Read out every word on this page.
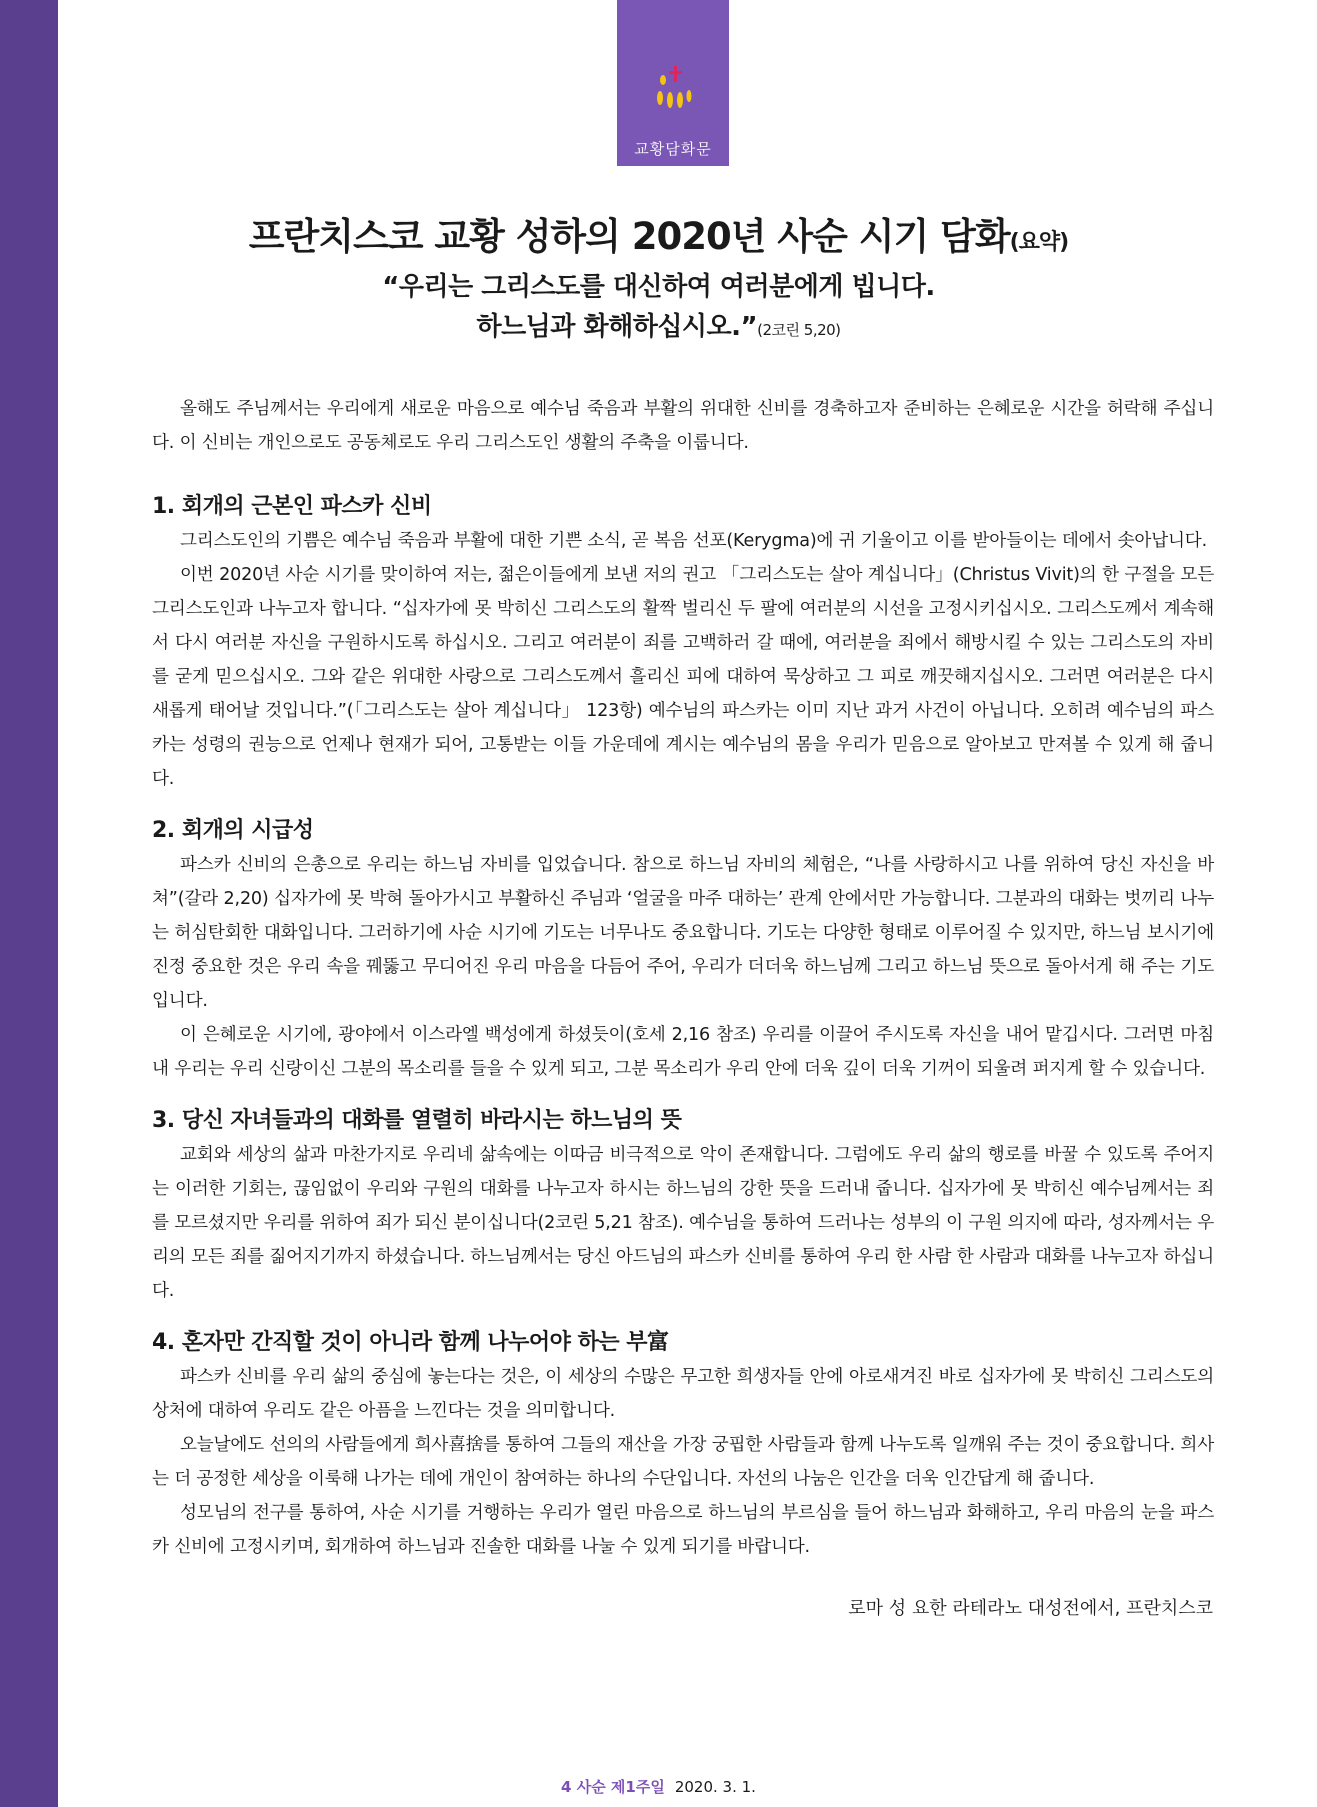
교황담화문
프란치스코 교황 성하의 2020년 사순 시기 담화(요약)
“우리는 그리스도를 대신하여 여러분에게 빕니다.
하느님과 화해하십시오.”(2코린 5,20)

올해도 주님께서는 우리에게 새로운 마음으로 예수님 죽음과 부활의 위대한 신비를 경축하고자 준비하는 은혜로운 시간을 허락해 주십니다. 이 신비는 개인으로도 공동체로도 우리 그리스도인 생활의 주축을 이룹니다.

1. 회개의 근본인 파스카 신비

그리스도인의 기쁨은 예수님 죽음과 부활에 대한 기쁜 소식, 곧 복음 선포(Kerygma)에 귀 기울이고 이를 받아들이는 데에서 솟아납니다.

이번 2020년 사순 시기를 맞이하여 저는, 젊은이들에게 보낸 저의 권고 「그리스도는 살아 계십니다」(Christus Vivit)의 한 구절을 모든 그리스도인과 나누고자 합니다. “십자가에 못 박히신 그리스도의 활짝 벌리신 두 팔에 여러분의 시선을 고정시키십시오. 그리스도께서 계속해서 다시 여러분 자신을 구원하시도록 하십시오. 그리고 여러분이 죄를 고백하러 갈 때에, 여러분을 죄에서 해방시킬 수 있는 그리스도의 자비를 굳게 믿으십시오. 그와 같은 위대한 사랑으로 그리스도께서 흘리신 피에 대하여 묵상하고 그 피로 깨끗해지십시오. 그러면 여러분은 다시 새롭게 태어날 것입니다.”(「그리스도는 살아 계십니다」 123항) 예수님의 파스카는 이미 지난 과거 사건이 아닙니다. 오히려 예수님의 파스카는 성령의 권능으로 언제나 현재가 되어, 고통받는 이들 가운데에 계시는 예수님의 몸을 우리가 믿음으로 알아보고 만져볼 수 있게 해 줍니다.

2. 회개의 시급성

파스카 신비의 은총으로 우리는 하느님 자비를 입었습니다. 참으로 하느님 자비의 체험은, “나를 사랑하시고 나를 위하여 당신 자신을 바쳐”(갈라 2,20) 십자가에 못 박혀 돌아가시고 부활하신 주님과 ‘얼굴을 마주 대하는’ 관계 안에서만 가능합니다. 그분과의 대화는 벗끼리 나누는 허심탄회한 대화입니다. 그러하기에 사순 시기에 기도는 너무나도 중요합니다. 기도는 다양한 형태로 이루어질 수 있지만, 하느님 보시기에 진정 중요한 것은 우리 속을 꿰뚫고 무디어진 우리 마음을 다듬어 주어, 우리가 더더욱 하느님께 그리고 하느님 뜻으로 돌아서게 해 주는 기도입니다.

이 은혜로운 시기에, 광야에서 이스라엘 백성에게 하셨듯이(호세 2,16 참조) 우리를 이끌어 주시도록 자신을 내어 맡깁시다. 그러면 마침내 우리는 우리 신랑이신 그분의 목소리를 들을 수 있게 되고, 그분 목소리가 우리 안에 더욱 깊이 더욱 기꺼이 되울려 퍼지게 할 수 있습니다.

3. 당신 자녀들과의 대화를 열렬히 바라시는 하느님의 뜻

교회와 세상의 삶과 마찬가지로 우리네 삶속에는 이따금 비극적으로 악이 존재합니다. 그럼에도 우리 삶의 행로를 바꿀 수 있도록 주어지는 이러한 기회는, 끊임없이 우리와 구원의 대화를 나누고자 하시는 하느님의 강한 뜻을 드러내 줍니다. 십자가에 못 박히신 예수님께서는 죄를 모르셨지만 우리를 위하여 죄가 되신 분이십니다(2코린 5,21 참조). 예수님을 통하여 드러나는 성부의 이 구원 의지에 따라, 성자께서는 우리의 모든 죄를 짊어지기까지 하셨습니다. 하느님께서는 당신 아드님의 파스카 신비를 통하여 우리 한 사람 한 사람과 대화를 나누고자 하십니다.

4. 혼자만 간직할 것이 아니라 함께 나누어야 하는 부富

파스카 신비를 우리 삶의 중심에 놓는다는 것은, 이 세상의 수많은 무고한 희생자들 안에 아로새겨진 바로 십자가에 못 박히신 그리스도의 상처에 대하여 우리도 같은 아픔을 느낀다는 것을 의미합니다.

오늘날에도 선의의 사람들에게 희사喜捨를 통하여 그들의 재산을 가장 궁핍한 사람들과 함께 나누도록 일깨워 주는 것이 중요합니다. 희사는 더 공정한 세상을 이룩해 나가는 데에 개인이 참여하는 하나의 수단입니다. 자선의 나눔은 인간을 더욱 인간답게 해 줍니다.

성모님의 전구를 통하여, 사순 시기를 거행하는 우리가 열린 마음으로 하느님의 부르심을 들어 하느님과 화해하고, 우리 마음의 눈을 파스카 신비에 고정시키며, 회개하여 하느님과 진솔한 대화를 나눌 수 있게 되기를 바랍니다.

로마 성 요한 라테라노 대성전에서, 프란치스코
4 사순 제1주일 2020. 3. 1.
